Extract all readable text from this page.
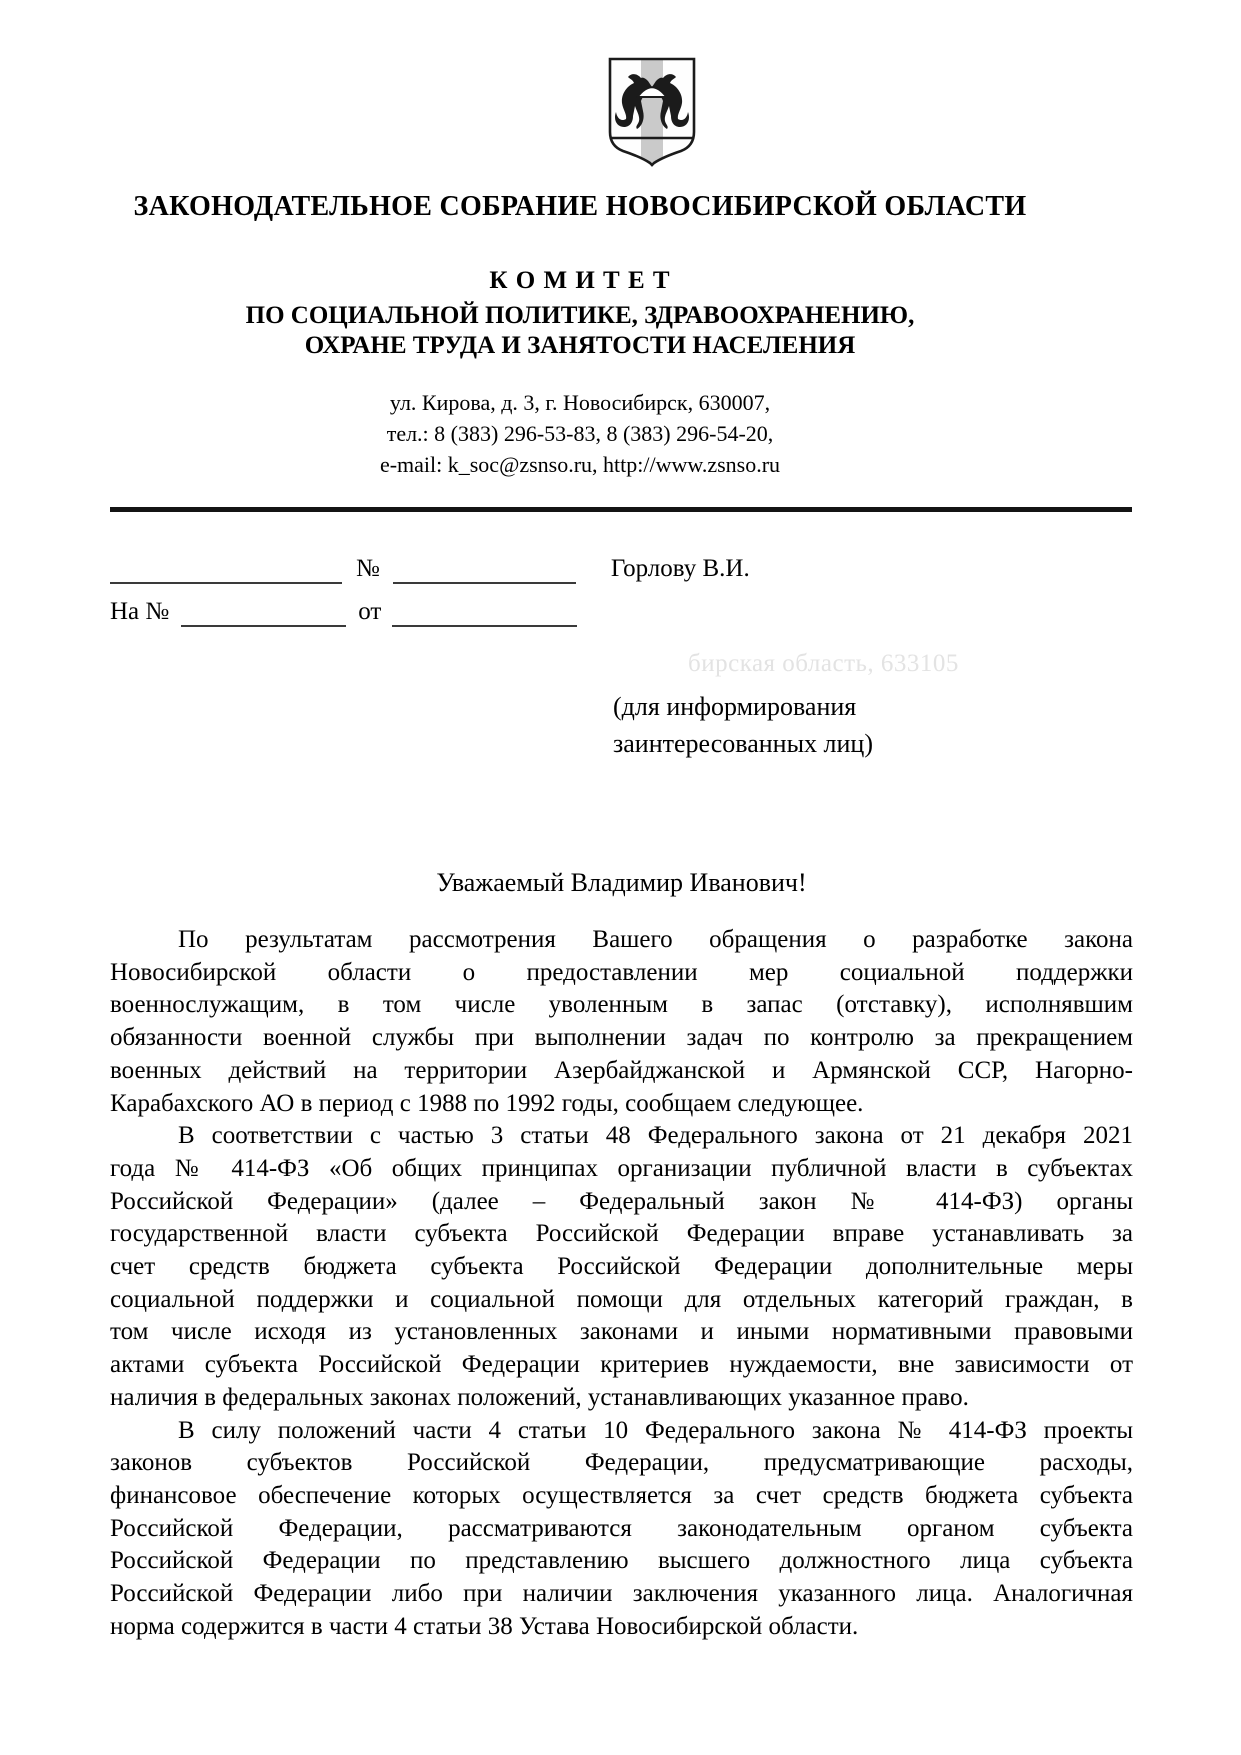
ЗАКОНОДАТЕЛЬНОЕ СОБРАНИЕ НОВОСИБИРСКОЙ ОБЛАСТИ
К О М И Т Е Т
ПО СОЦИАЛЬНОЙ ПОЛИТИКЕ, ЗДРАВООХРАНЕНИЮ,
ОХРАНЕ ТРУДА И ЗАНЯТОСТИ НАСЕЛЕНИЯ
ул. Кирова, д. 3, г. Новосибирск, 630007,
тел.: 8 (383) 296-53-83, 8 (383) 296-54-20,
e-mail: k_soc@zsnso.ru, http://www.zsnso.ru
№	Горлову В.И.
На №	от
бирская область, 633105
(для информирования
заинтересованных лиц)
Уважаемый Владимир Иванович!
По результатам рассмотрения Вашего обращения о разработке закона
Новосибирской области о предоставлении мер социальной поддержки
военнослужащим, в том числе уволенным в запас (отставку), исполнявшим
обязанности военной службы при выполнении задач по контролю за прекращением
военных действий на территории Азербайджанской и Армянской ССР, Нагорно-
Карабахского АО в период с 1988 по 1992 годы, сообщаем следующее.
В соответствии с частью 3 статьи 48 Федерального закона от 21 декабря 2021
года № 414-ФЗ «Об общих принципах организации публичной власти в субъектах
Российской Федерации» (далее – Федеральный закон № 414-ФЗ) органы
государственной власти субъекта Российской Федерации вправе устанавливать за
счет средств бюджета субъекта Российской Федерации дополнительные меры
социальной поддержки и социальной помощи для отдельных категорий граждан, в
том числе исходя из установленных законами и иными нормативными правовыми
актами субъекта Российской Федерации критериев нуждаемости, вне зависимости от
наличия в федеральных законах положений, устанавливающих указанное право.
В силу положений части 4 статьи 10 Федерального закона № 414-ФЗ проекты
законов субъектов Российской Федерации, предусматривающие расходы,
финансовое обеспечение которых осуществляется за счет средств бюджета субъекта
Российской Федерации, рассматриваются законодательным органом субъекта
Российской Федерации по представлению высшего должностного лица субъекта
Российской Федерации либо при наличии заключения указанного лица. Аналогичная
норма содержится в части 4 статьи 38 Устава Новосибирской области.
